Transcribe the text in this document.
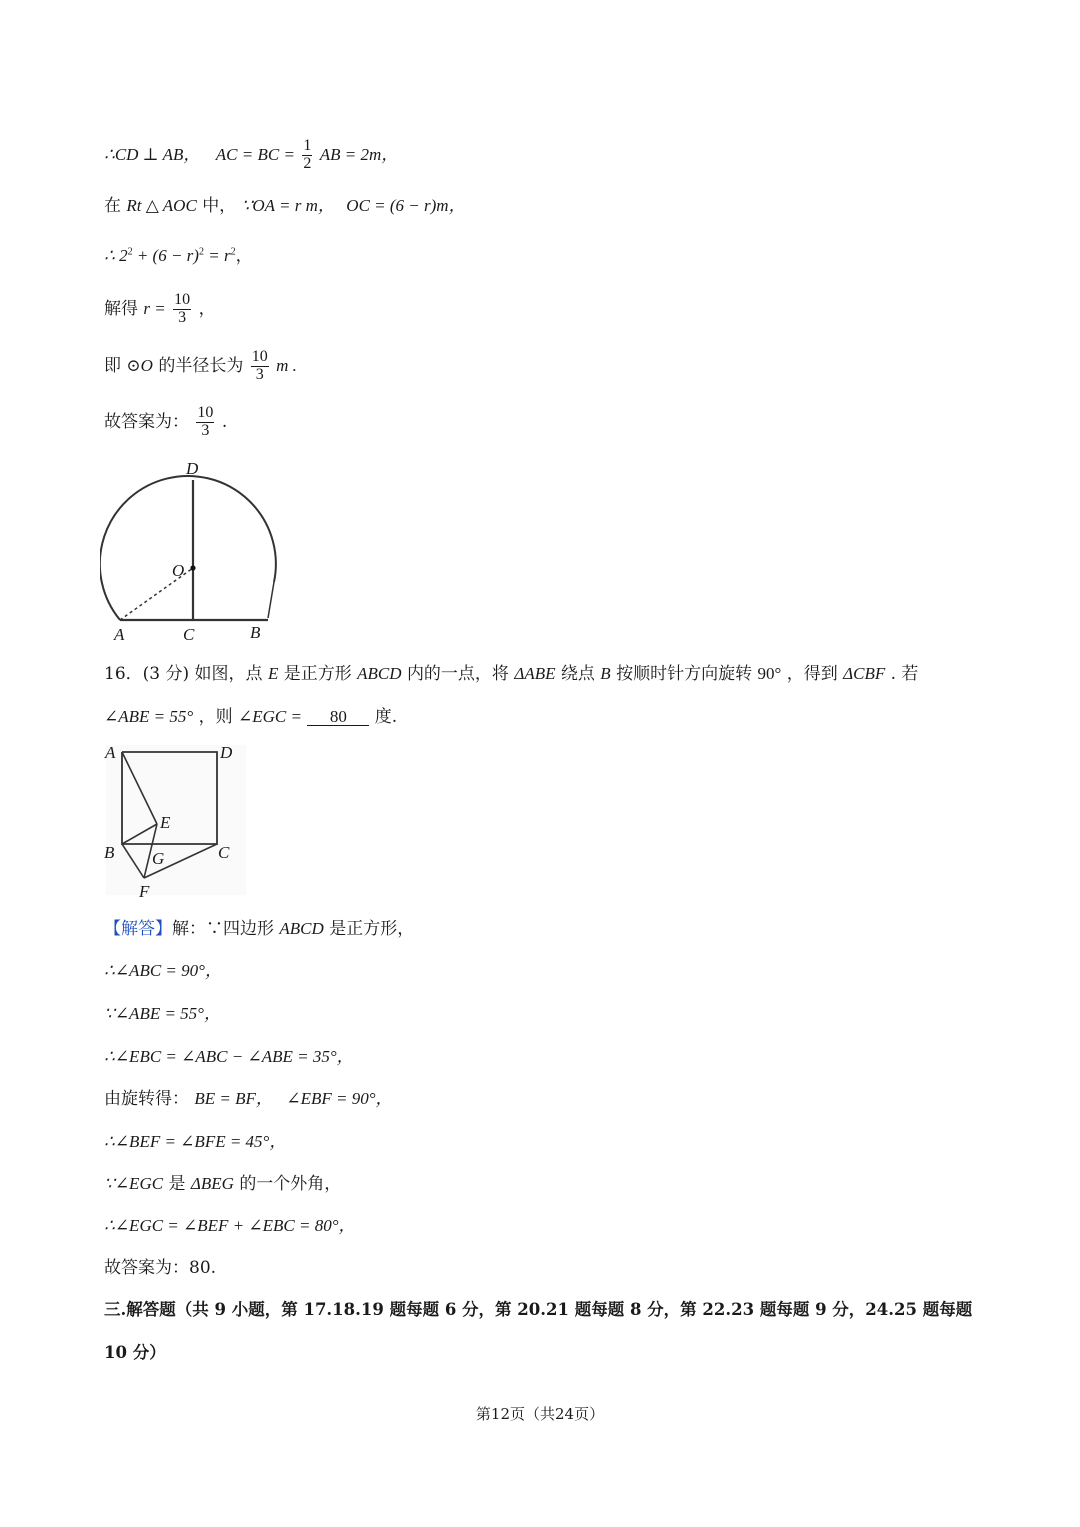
∴CD ⊥ AB， AC = BC = $\frac{1}{2}$ AB = 2m，
在 Rt △ AOC 中， ∵OA = r m， OC = (6 − r)m，
∴ $2^2 + (6 - r)^2 = r^2$，
解得 $r = \frac{10}{3}$ ，
即 ⊙O 的半径长为 $\frac{10}{3}$ m .
故答案为： $\frac{10}{3}$ .
D
O
A	C	B
16．(3 分) 如图，点 E 是正方形 ABCD 内的一点，将 ΔABE 绕点 B 按顺时针方向旋转 90° ，得到 ΔCBF . 若
∠ABE = 55° ，则 ∠EGC = 80 度.
A	D
E
B	C
G
F
【解答】解：∵四边形 ABCD 是正方形，
∴∠ABC = 90°，
∵∠ABE = 55°，
∴∠EBC = ∠ABC − ∠ABE = 35°，
由旋转得： BE = BF， ∠EBF = 90°，
∴∠BEF = ∠BFE = 45°，
∵∠EGC 是 ΔBEG 的一个外角，
∴∠EGC = ∠BEF + ∠EBC = 80°，
故答案为：80.
三.解答题（共 9 小题，第 17.18.19 题每题 6 分，第 20.21 题每题 8 分，第 22.23 题每题 9 分，24.25 题每题
10 分）
第12页（共24页）
